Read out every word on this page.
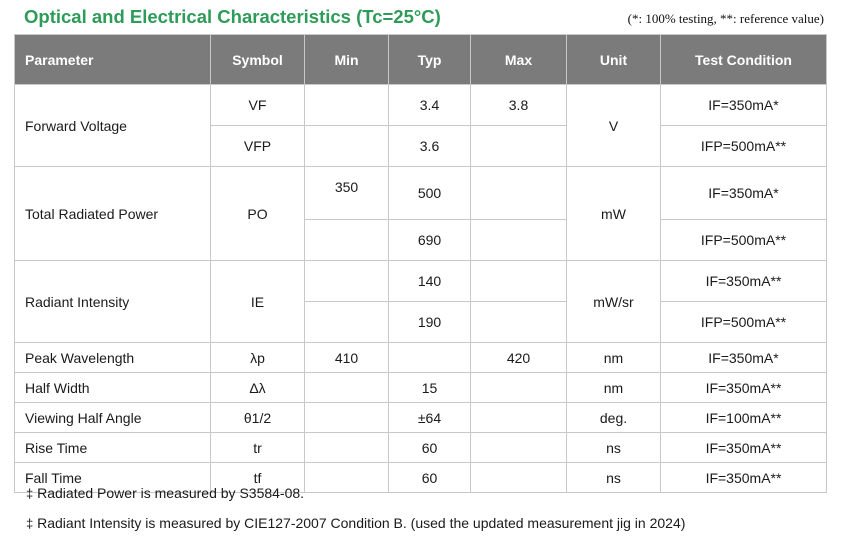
Optical and Electrical Characteristics (Tc=25°C)	(*: 100% testing, **: reference value)
Parameter	Symbol	Min	Typ	Max	Unit	Test Condition
Forward Voltage	VF		3.4	3.8	V	IF=350mA*
	VFP		3.6			IFP=500mA**
Total Radiated Power	PO	350	500		mW	IF=350mA*
			690			IFP=500mA**
Radiant Intensity	IE		140		mW/sr	IF=350mA**
			190			IFP=500mA**
Peak Wavelength	λp	410		420	nm	IF=350mA*
Half Width	Δλ		15		nm	IF=350mA**
Viewing Half Angle	θ1/2		±64		deg.	IF=100mA**
Rise Time	tr		60		ns	IF=350mA**
Fall Time	tf		60		ns	IF=350mA**
‡ Radiated Power is measured by S3584-08.
‡ Radiant Intensity is measured by CIE127-2007 Condition B. (used the updated measurement jig in 2024)
